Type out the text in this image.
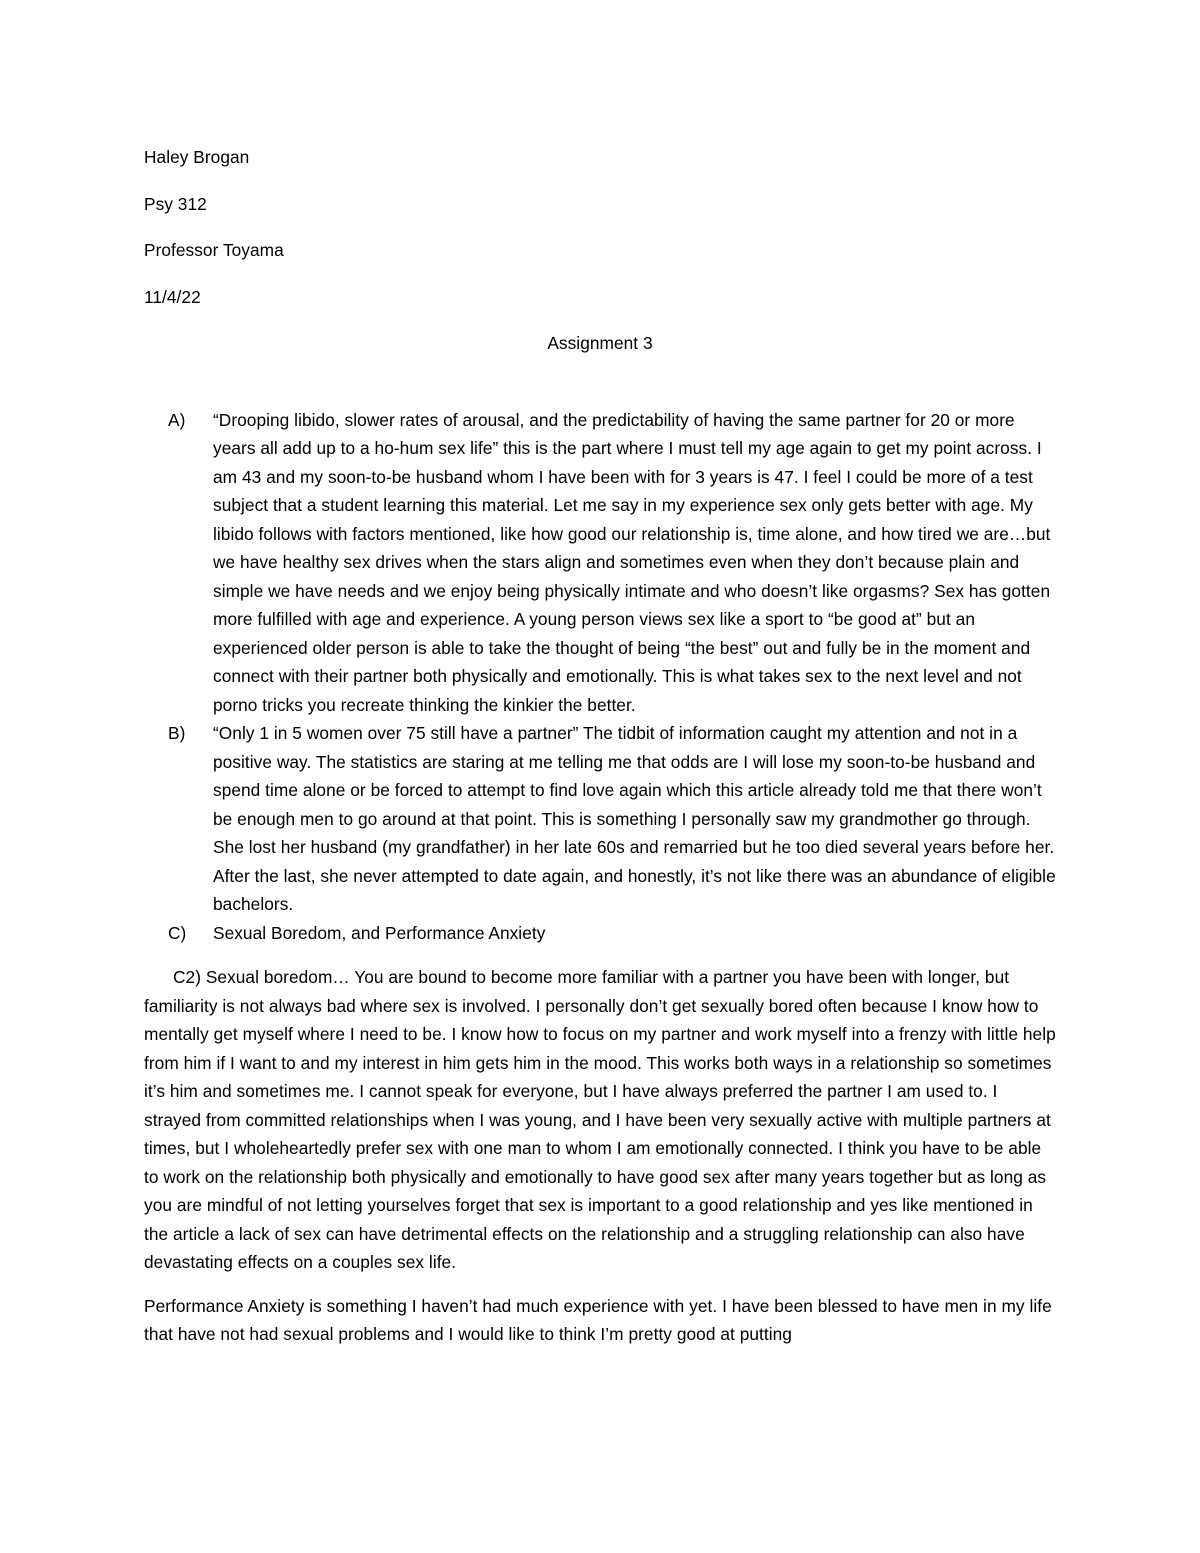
Haley Brogan
Psy 312
Professor Toyama
11/4/22
Assignment 3
A) “Drooping libido, slower rates of arousal, and the predictability of having the same partner for 20 or more years all add up to a ho-hum sex life” this is the part where I must tell my age again to get my point across. I am 43 and my soon-to-be husband whom I have been with for 3 years is 47. I feel I could be more of a test subject that a student learning this material. Let me say in my experience sex only gets better with age. My libido follows with factors mentioned, like how good our relationship is, time alone, and how tired we are…but we have healthy sex drives when the stars align and sometimes even when they don’t because plain and simple we have needs and we enjoy being physically intimate and who doesn’t like orgasms? Sex has gotten more fulfilled with age and experience. A young person views sex like a sport to “be good at” but an experienced older person is able to take the thought of being “the best” out and fully be in the moment and connect with their partner both physically and emotionally. This is what takes sex to the next level and not porno tricks you recreate thinking the kinkier the better.
B) “Only 1 in 5 women over 75 still have a partner” The tidbit of information caught my attention and not in a positive way. The statistics are staring at me telling me that odds are I will lose my soon-to-be husband and spend time alone or be forced to attempt to find love again which this article already told me that there won’t be enough men to go around at that point. This is something I personally saw my grandmother go through. She lost her husband (my grandfather) in her late 60s and remarried but he too died several years before her. After the last, she never attempted to date again, and honestly, it’s not like there was an abundance of eligible bachelors.
C) Sexual Boredom, and Performance Anxiety

C2) Sexual boredom… You are bound to become more familiar with a partner you have been with longer, but familiarity is not always bad where sex is involved. I personally don’t get sexually bored often because I know how to mentally get myself where I need to be. I know how to focus on my partner and work myself into a frenzy with little help from him if I want to and my interest in him gets him in the mood. This works both ways in a relationship so sometimes it’s him and sometimes me. I cannot speak for everyone, but I have always preferred the partner I am used to. I strayed from committed relationships when I was young, and I have been very sexually active with multiple partners at times, but I wholeheartedly prefer sex with one man to whom I am emotionally connected. I think you have to be able to work on the relationship both physically and emotionally to have good sex after many years together but as long as you are mindful of not letting yourselves forget that sex is important to a good relationship and yes like mentioned in the article a lack of sex can have detrimental effects on the relationship and a struggling relationship can also have devastating effects on a couples sex life.

Performance Anxiety is something I haven’t had much experience with yet. I have been blessed to have men in my life that have not had sexual problems and I would like to think I’m pretty good at putting
